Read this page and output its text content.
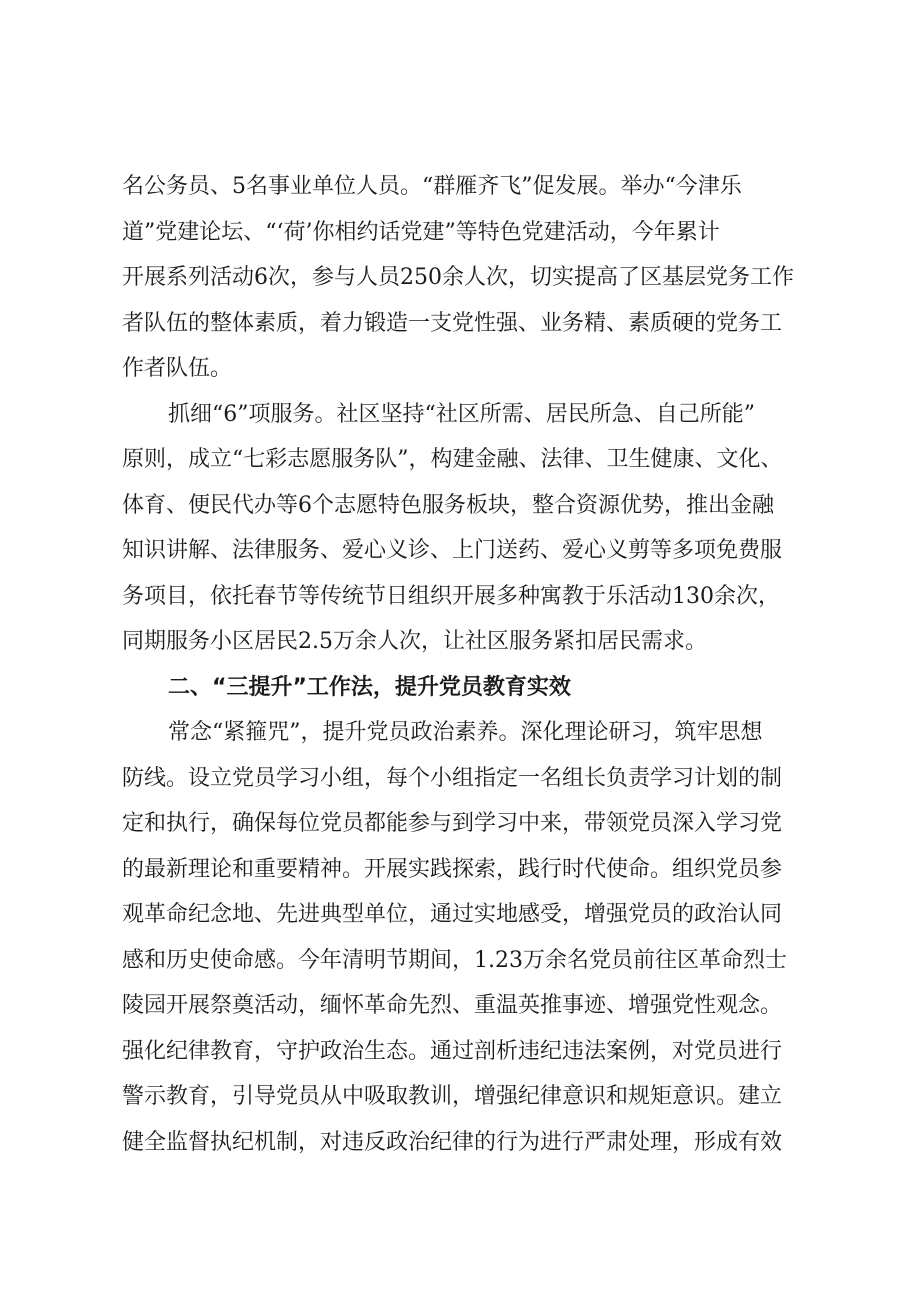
名公务员、5名事业单位人员。“群雁齐飞”促发展。举办“今津乐
道”党建论坛、“‘荷’你相约话党建”等特色党建活动，今年累计
开展系列活动6次，参与人员250余人次，切实提高了区基层党务工作
者队伍的整体素质，着力锻造一支党性强、业务精、素质硬的党务工
作者队伍。
抓细“6”项服务。社区坚持“社区所需、居民所急、自己所能”
原则，成立“七彩志愿服务队”，构建金融、法律、卫生健康、文化、
体育、便民代办等6个志愿特色服务板块，整合资源优势，推出金融
知识讲解、法律服务、爱心义诊、上门送药、爱心义剪等多项免费服
务项目，依托春节等传统节日组织开展多种寓教于乐活动130余次，
同期服务小区居民2.5万余人次，让社区服务紧扣居民需求。
二、“三提升”工作法，提升党员教育实效
常念“紧箍咒”，提升党员政治素养。深化理论研习，筑牢思想
防线。设立党员学习小组，每个小组指定一名组长负责学习计划的制
定和执行，确保每位党员都能参与到学习中来，带领党员深入学习党
的最新理论和重要精神。开展实践探索，践行时代使命。组织党员参
观革命纪念地、先进典型单位，通过实地感受，增强党员的政治认同
感和历史使命感。今年清明节期间，1.23万余名党员前往区革命烈士
陵园开展祭奠活动，缅怀革命先烈、重温英推事迹、增强党性观念。
强化纪律教育，守护政治生态。通过剖析违纪违法案例，对党员进行
警示教育，引导党员从中吸取教训，增强纪律意识和规矩意识。建立
健全监督执纪机制，对违反政治纪律的行为进行严肃处理，形成有效
